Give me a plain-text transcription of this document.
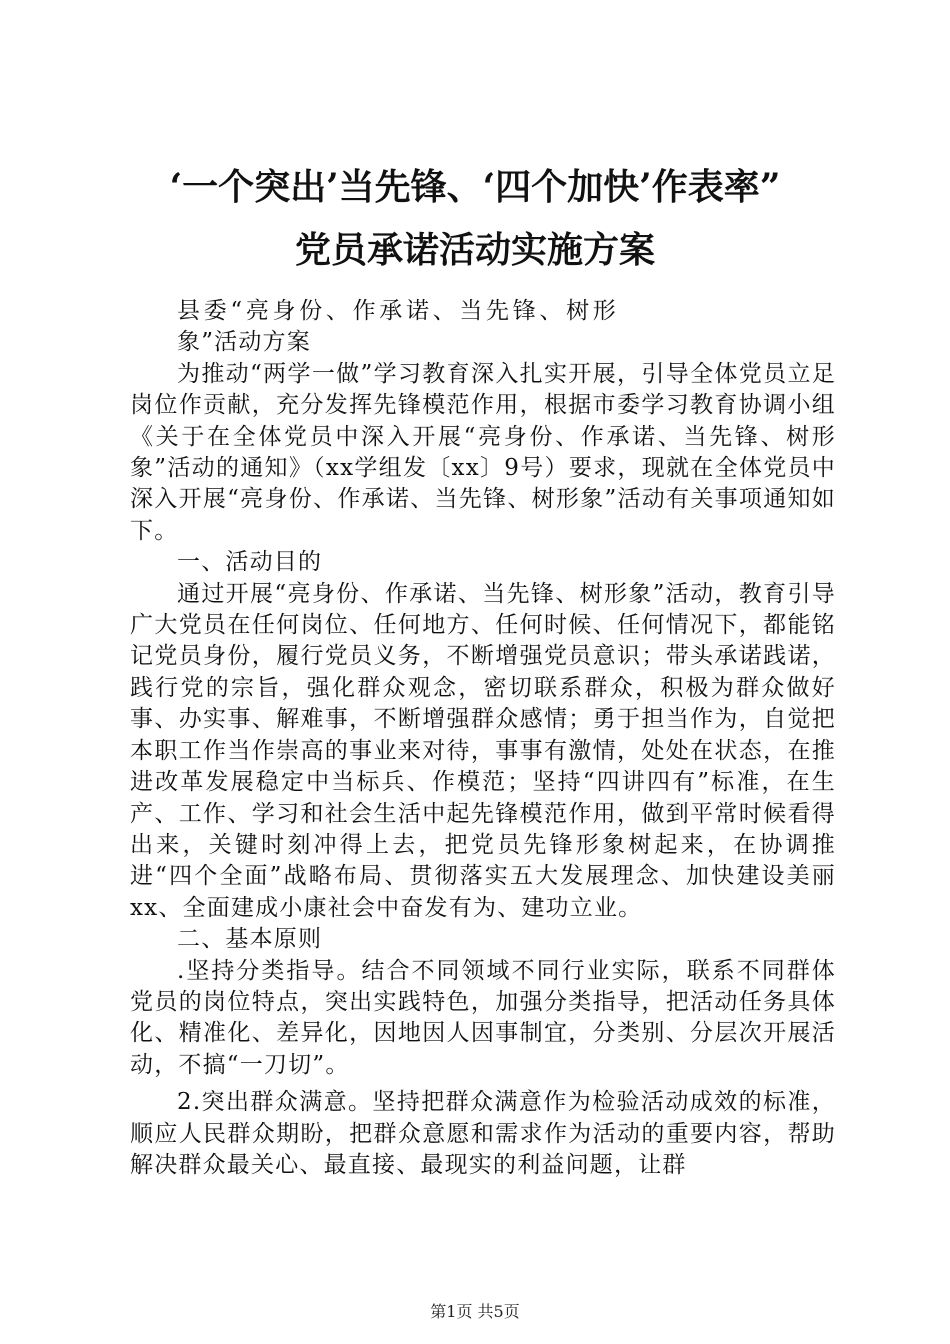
‘一个突出’当先锋、‘四个加快’作表率”
党员承诺活动实施方案

县委“亮身份、作承诺、当先锋、树形象”活动方案

为推动“两学一做”学习教育深入扎实开展，引导全体党员立足岗位作贡献，充分发挥先锋模范作用，根据市委学习教育协调小组《关于在全体党员中深入开展“亮身份、作承诺、当先锋、树形象”活动的通知》（xx学组发〔xx〕9号）要求，现就在全体党员中深入开展“亮身份、作承诺、当先锋、树形象”活动有关事项通知如下。

一、活动目的

通过开展“亮身份、作承诺、当先锋、树形象”活动，教育引导广大党员在任何岗位、任何地方、任何时候、任何情况下，都能铭记党员身份，履行党员义务，不断增强党员意识；带头承诺践诺，践行党的宗旨，强化群众观念，密切联系群众，积极为群众做好事、办实事、解难事，不断增强群众感情；勇于担当作为，自觉把本职工作当作崇高的事业来对待，事事有激情，处处在状态，在推进改革发展稳定中当标兵、作模范；坚持“四讲四有”标准，在生产、工作、学习和社会生活中起先锋模范作用，做到平常时候看得出来，关键时刻冲得上去，把党员先锋形象树起来，在协调推进“四个全面”战略布局、贯彻落实五大发展理念、加快建设美丽xx、全面建成小康社会中奋发有为、建功立业。

二、基本原则

.坚持分类指导。结合不同领域不同行业实际，联系不同群体党员的岗位特点，突出实践特色，加强分类指导，把活动任务具体化、精准化、差异化，因地因人因事制宜，分类别、分层次开展活动，不搞“一刀切”。

2.突出群众满意。坚持把群众满意作为检验活动成效的标准，顺应人民群众期盼，把群众意愿和需求作为活动的重要内容，帮助解决群众最关心、最直接、最现实的利益问题，让群

第1页 共5页
